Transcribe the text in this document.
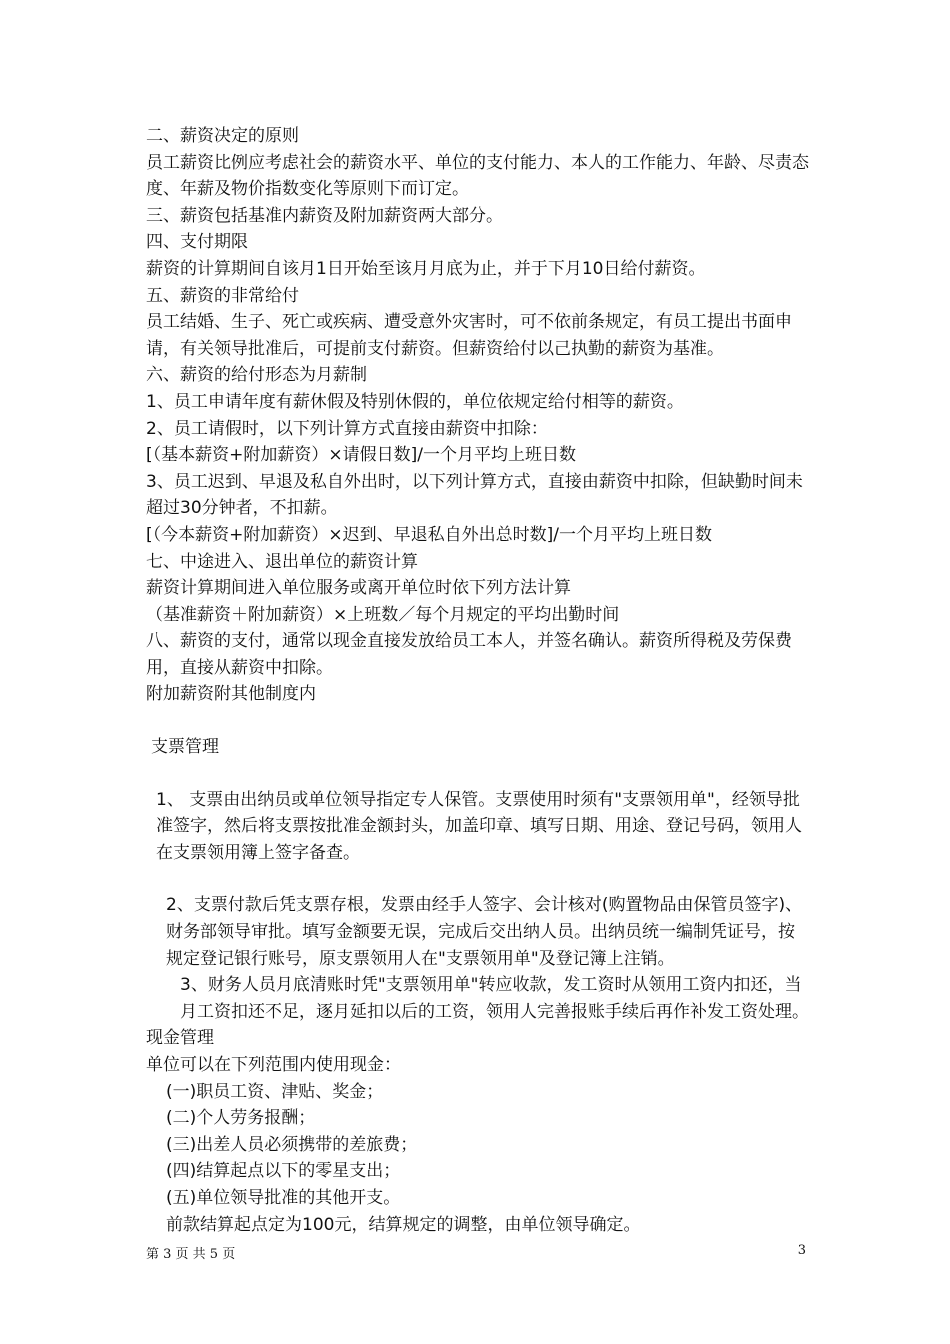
二、薪资决定的原则

员工薪资比例应考虑社会的薪资水平、单位的支付能力、本人的工作能力、年龄、尽责态度、年薪及物价指数变化等原则下而订定。

三、薪资包括基准内薪资及附加薪资两大部分。

四、支付期限

薪资的计算期间自该月1日开始至该月月底为止，并于下月10日给付薪资。

五、薪资的非常给付

员工结婚、生子、死亡或疾病、遭受意外灾害时，可不依前条规定，有员工提出书面申请，有关领导批准后，可提前支付薪资。但薪资给付以己执勤的薪资为基准。

六、薪资的给付形态为月薪制

1、员工申请年度有薪休假及特别休假的，单位依规定给付相等的薪资。

2、员工请假时，以下列计算方式直接由薪资中扣除：

[（基本薪资+附加薪资）×请假日数]/一个月平均上班日数

3、员工迟到、早退及私自外出时，以下列计算方式，直接由薪资中扣除，但缺勤时间未超过30分钟者，不扣薪。

[（今本薪资+附加薪资）×迟到、早退私自外出总时数]/一个月平均上班日数

七、中途进入、退出单位的薪资计算

薪资计算期间进入单位服务或离开单位时依下列方法计算

（基准薪资＋附加薪资）×上班数／每个月规定的平均出勤时间

八、薪资的支付，通常以现金直接发放给员工本人，并签名确认。薪资所得税及劳保费用，直接从薪资中扣除。

附加薪资附其他制度内

支票管理

1、 支票由出纳员或单位领导指定专人保管。支票使用时须有"支票领用单"，经领导批准签字，然后将支票按批准金额封头，加盖印章、填写日期、用途、登记号码，领用人在支票领用簿上签字备查。

2、支票付款后凭支票存根，发票由经手人签字、会计核对(购置物品由保管员签字)、财务部领导审批。填写金额要无误，完成后交出纳人员。出纳员统一编制凭证号，按规定登记银行账号，原支票领用人在"支票领用单"及登记簿上注销。

3、财务人员月底清账时凭"支票领用单"转应收款，发工资时从领用工资内扣还，当月工资扣还不足，逐月延扣以后的工资，领用人完善报账手续后再作补发工资处理。

现金管理

单位可以在下列范围内使用现金：

(一)职员工资、津贴、奖金；

(二)个人劳务报酬；

(三)出差人员必须携带的差旅费；

(四)结算起点以下的零星支出；

(五)单位领导批准的其他开支。

前款结算起点定为100元，结算规定的调整，由单位领导确定。

第 3 页 共 5 页	3
